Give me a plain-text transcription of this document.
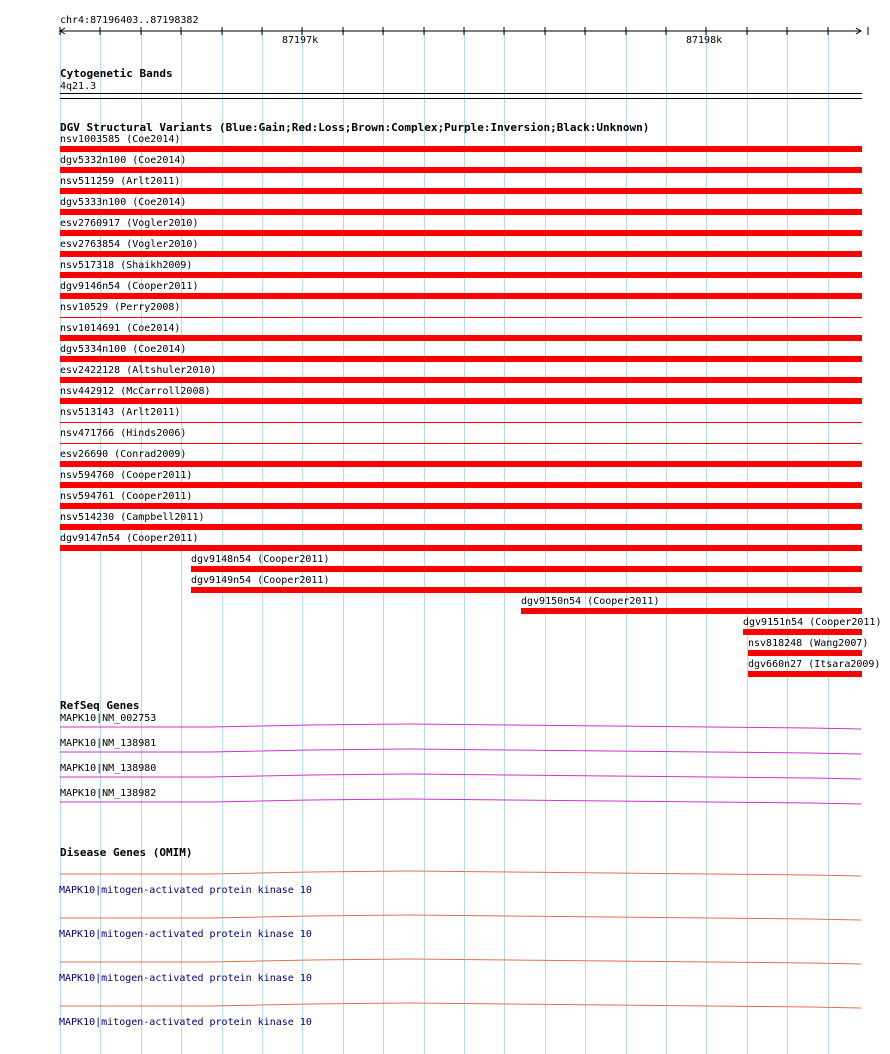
chr4:87196403..87198382
87197k	87198k
Cytogenetic Bands
4q21.3
DGV Structural Variants (Blue:Gain;Red:Loss;Brown:Complex;Purple:Inversion;Black:Unknown)
nsv1003585 (Coe2014)
dgv5332n100 (Coe2014)
nsv511259 (Arlt2011)
dgv5333n100 (Coe2014)
esv2760917 (Vogler2010)
esv2763854 (Vogler2010)
nsv517318 (Shaikh2009)
dgv9146n54 (Cooper2011)
nsv10529 (Perry2008)
nsv1014691 (Coe2014)
dgv5334n100 (Coe2014)
esv2422128 (Altshuler2010)
nsv442912 (McCarroll2008)
nsv513143 (Arlt2011)
nsv471766 (Hinds2006)
esv26690 (Conrad2009)
nsv594760 (Cooper2011)
nsv594761 (Cooper2011)
nsv514230 (Campbell2011)
dgv9147n54 (Cooper2011)
dgv9148n54 (Cooper2011)
dgv9149n54 (Cooper2011)
dgv9150n54 (Cooper2011)
dgv9151n54 (Cooper2011)
nsv818248 (Wang2007)
dgv660n27 (Itsara2009)
RefSeq Genes
MAPK10|NM_002753
MAPK10|NM_138981
MAPK10|NM_138980
MAPK10|NM_138982
Disease Genes (OMIM)
MAPK10|mitogen-activated protein kinase 10
MAPK10|mitogen-activated protein kinase 10
MAPK10|mitogen-activated protein kinase 10
MAPK10|mitogen-activated protein kinase 10
